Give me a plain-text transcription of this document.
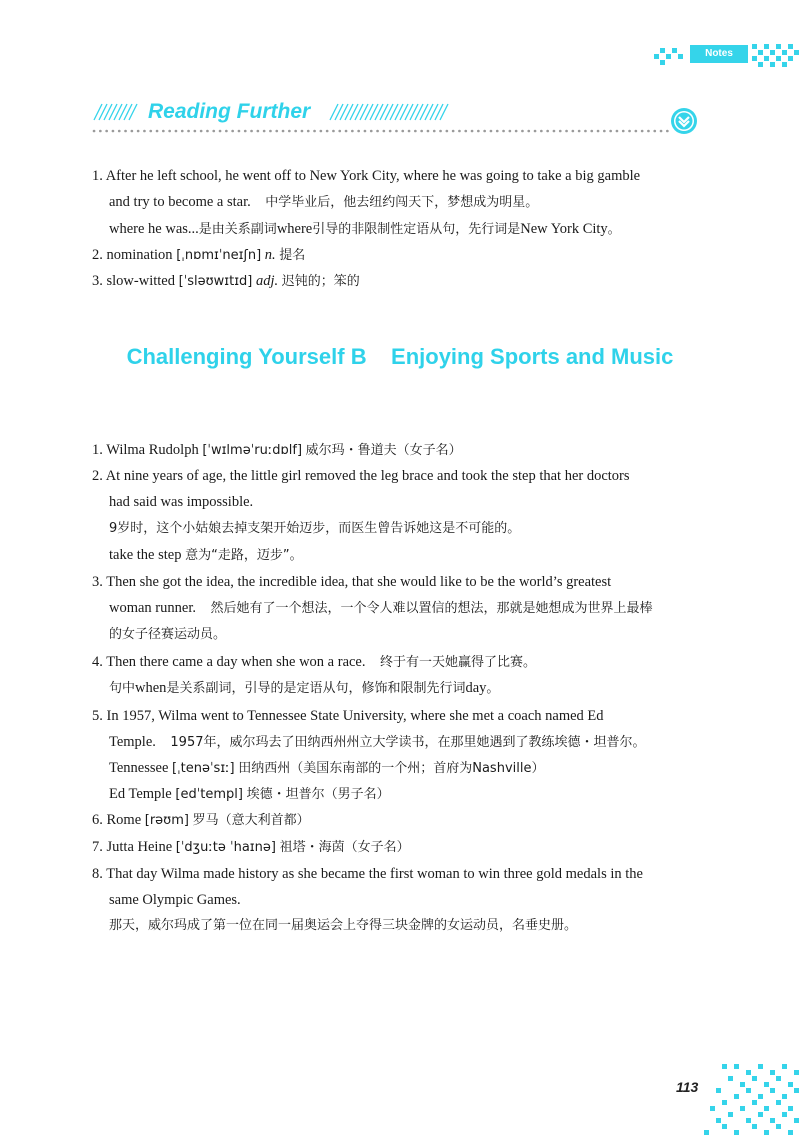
Notes
Reading Further
1. After he left school, he went off to New York City, where he was going to take a big gamble
and try to become a star. 中学毕业后，他去纽约闯天下，梦想成为明星。
where he was...是由关系副词where引导的非限制性定语从句，先行词是New York City。
2. nomination [ˌnɒmɪˈneɪʃn] n. 提名
3. slow-witted [ˈsləʊwɪtɪd] adj. 迟钝的；笨的
Challenging Yourself B    Enjoying Sports and Music
1. Wilma Rudolph [ˈwɪlməˈruːdɒlf] 威尔玛・鲁道夫（女子名）
2. At nine years of age, the little girl removed the leg brace and took the step that her doctors
had said was impossible.
9岁时，这个小姑娘去掉支架开始迈步，而医生曾告诉她这是不可能的。
take the step 意为“走路，迈步”。
3. Then she got the idea, the incredible idea, that she would like to be the world’s greatest
woman runner. 然后她有了一个想法，一个令人难以置信的想法，那就是她想成为世界上最棒
的女子径赛运动员。
4. Then there came a day when she won a race. 终于有一天她赢得了比赛。
句中when是关系副词，引导的是定语从句，修饰和限制先行词day。
5. In 1957, Wilma went to Tennessee State University, where she met a coach named Ed
Temple. 1957年，威尔玛去了田纳西州州立大学读书，在那里她遇到了教练埃德・坦普尔。
Tennessee [ˌtenəˈsɪː] 田纳西州（美国东南部的一个州；首府为Nashville）
Ed Temple [edˈtempl] 埃德・坦普尔（男子名）
6. Rome [rəʊm] 罗马（意大利首都）
7. Jutta Heine [ˈdʒuːtə ˈhaɪnə] 祖塔・海茵（女子名）
8. That day Wilma made history as she became the first woman to win three gold medals in the
same Olympic Games.
那天，威尔玛成了第一位在同一届奥运会上夺得三块金牌的女运动员，名垂史册。
113
